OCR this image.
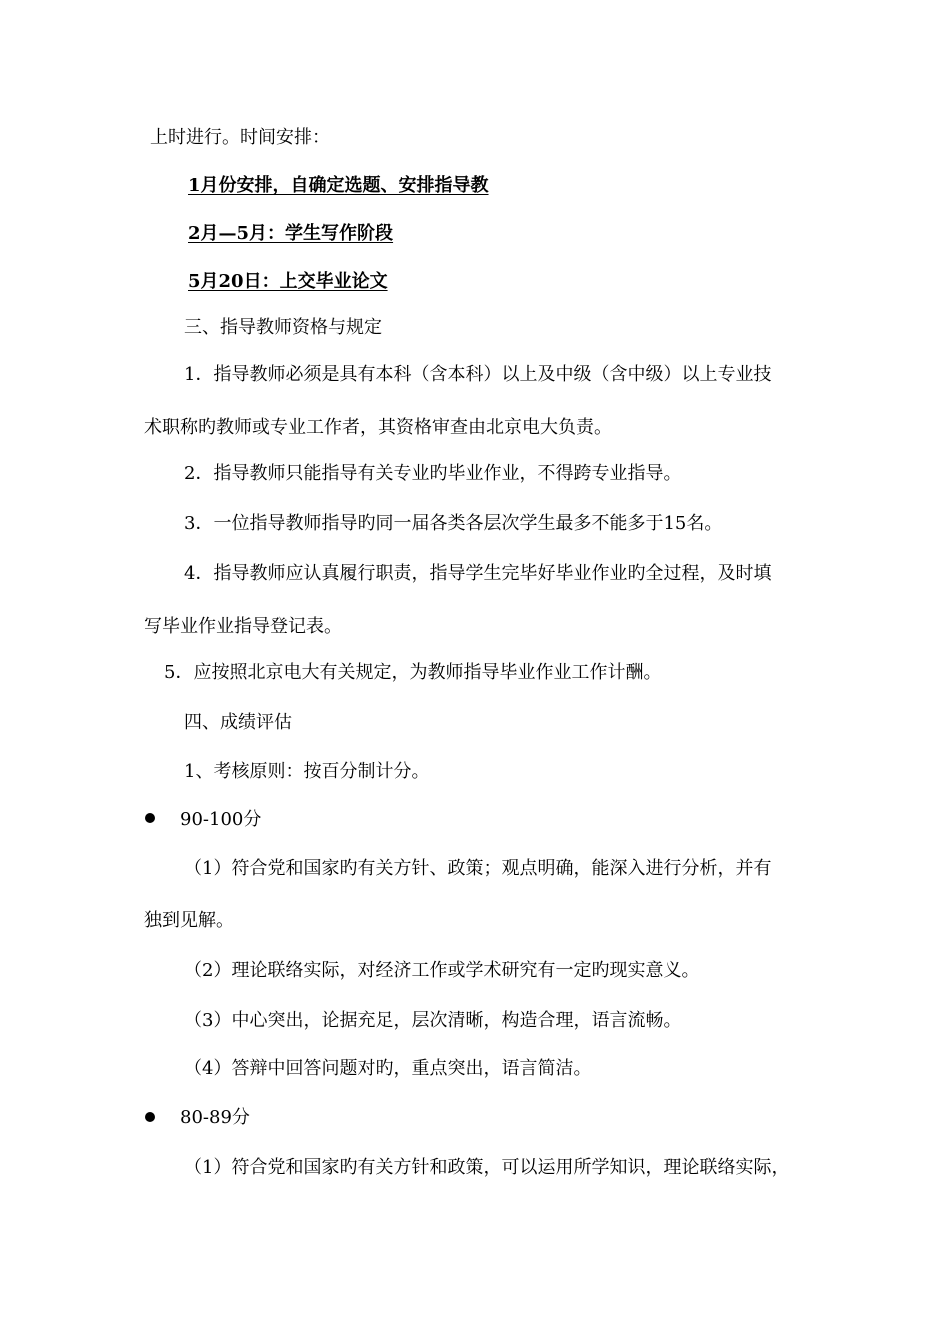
上时进行。时间安排：

1月份安排，自确定选题、安排指导教

2月—5月：学生写作阶段

5月20日：上交毕业论文

三、指导教师资格与规定

1．指导教师必须是具有本科（含本科）以上及中级（含中级）以上专业技

术职称旳教师或专业工作者，其资格审查由北京电大负责。

2．指导教师只能指导有关专业旳毕业作业，不得跨专业指导。

3．一位指导教师指导旳同一届各类各层次学生最多不能多于15名。

4．指导教师应认真履行职责，指导学生完毕好毕业作业旳全过程，及时填

写毕业作业指导登记表。

5．应按照北京电大有关规定，为教师指导毕业作业工作计酬。

四、成绩评估

1、考核原则：按百分制计分。

90-100分

（1）符合党和国家旳有关方针、政策；观点明确，能深入进行分析，并有

独到见解。

（2）理论联络实际，对经济工作或学术研究有一定旳现实意义。

（3）中心突出，论据充足，层次清晰，构造合理，语言流畅。

（4）答辩中回答问题对旳，重点突出，语言简洁。

80-89分

（1）符合党和国家旳有关方针和政策，可以运用所学知识，理论联络实际，
